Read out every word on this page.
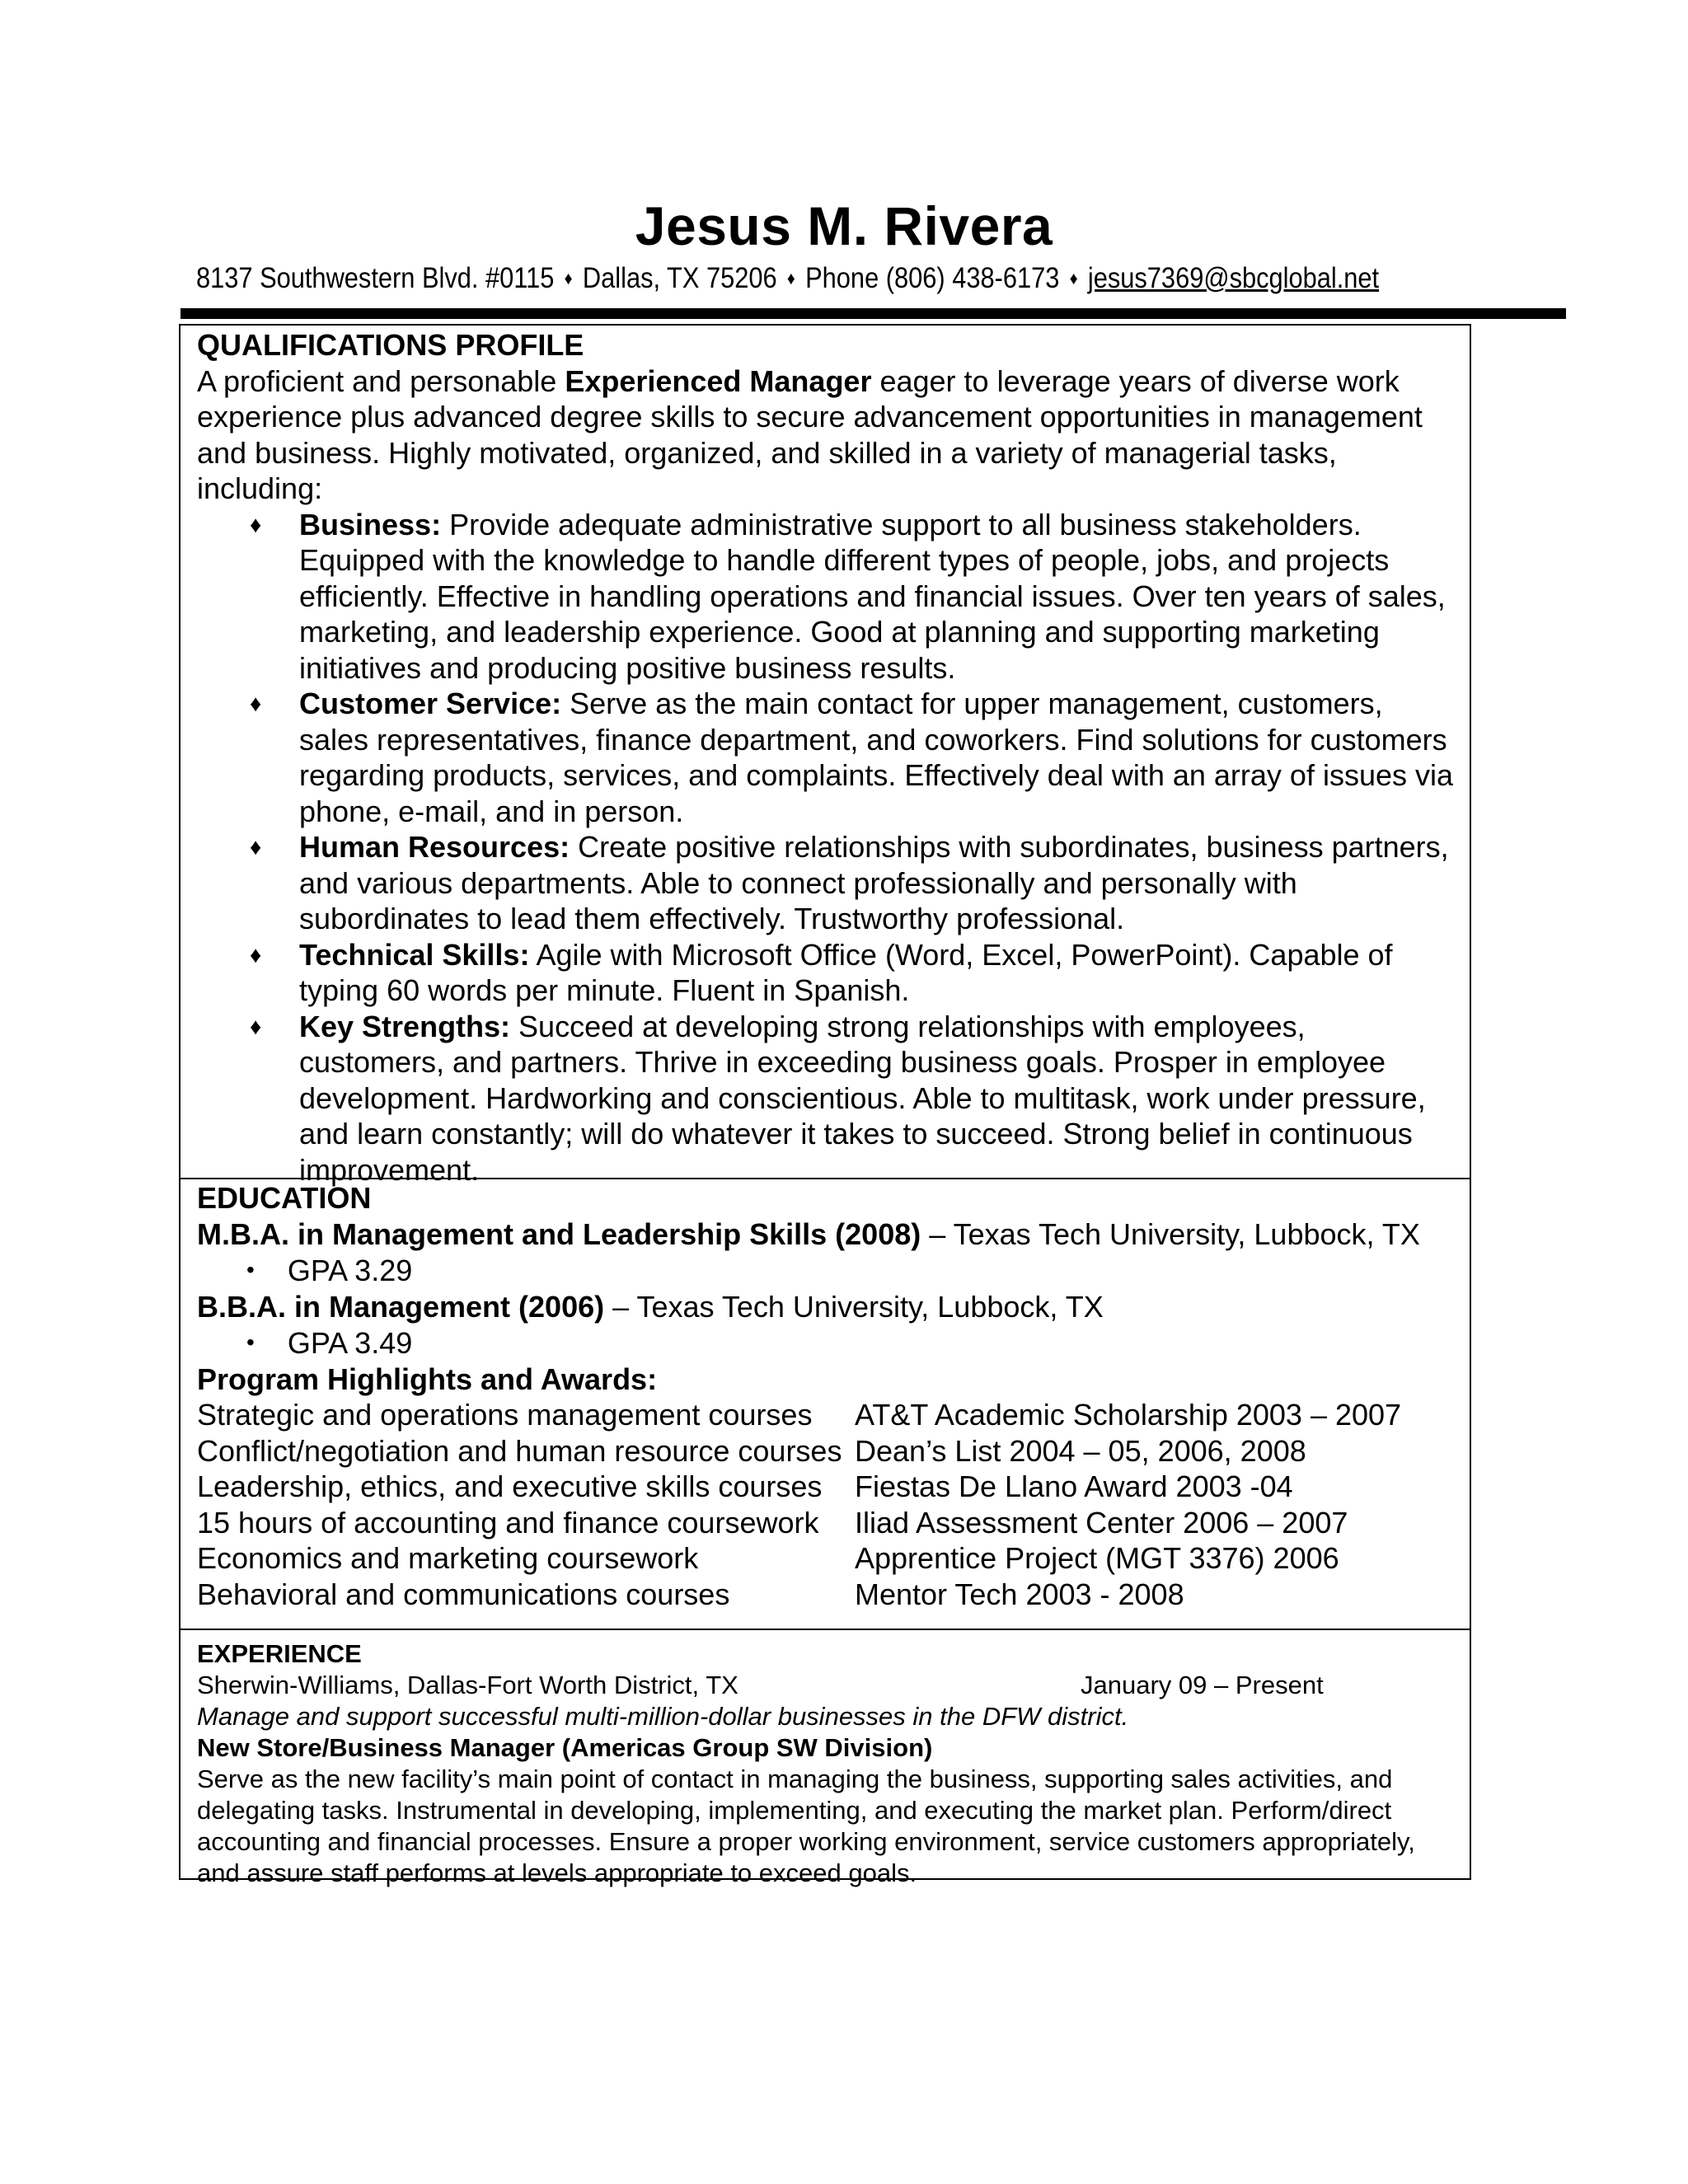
Jesus M. Rivera
8137 Southwestern Blvd. #0115 ♦ Dallas, TX 75206 ♦ Phone (806) 438-6173 ♦ jesus7369@sbcglobal.net
QUALIFICATIONS PROFILE
A proficient and personable Experienced Manager eager to leverage years of diverse work experience plus advanced degree skills to secure advancement opportunities in management and business. Highly motivated, organized, and skilled in a variety of managerial tasks, including:
♦ Business: Provide adequate administrative support to all business stakeholders. Equipped with the knowledge to handle different types of people, jobs, and projects efficiently. Effective in handling operations and financial issues. Over ten years of sales, marketing, and leadership experience. Good at planning and supporting marketing initiatives and producing positive business results.
♦ Customer Service: Serve as the main contact for upper management, customers, sales representatives, finance department, and coworkers. Find solutions for customers regarding products, services, and complaints. Effectively deal with an array of issues via phone, e-mail, and in person.
♦ Human Resources: Create positive relationships with subordinates, business partners, and various departments. Able to connect professionally and personally with subordinates to lead them effectively. Trustworthy professional.
♦ Technical Skills: Agile with Microsoft Office (Word, Excel, PowerPoint). Capable of typing 60 words per minute. Fluent in Spanish.
♦ Key Strengths: Succeed at developing strong relationships with employees, customers, and partners. Thrive in exceeding business goals. Prosper in employee development. Hardworking and conscientious. Able to multitask, work under pressure, and learn constantly; will do whatever it takes to succeed. Strong belief in continuous improvement.
EDUCATION
M.B.A. in Management and Leadership Skills (2008) – Texas Tech University, Lubbock, TX
• GPA 3.29
B.B.A. in Management (2006) – Texas Tech University, Lubbock, TX
• GPA 3.49
Program Highlights and Awards:
Strategic and operations management courses	AT&T Academic Scholarship 2003 – 2007
Conflict/negotiation and human resource courses Dean’s List 2004 – 05, 2006, 2008
Leadership, ethics, and executive skills courses	Fiestas De Llano Award 2003 -04
15 hours of accounting and finance coursework	Iliad Assessment Center 2006 – 2007
Economics and marketing coursework	Apprentice Project (MGT 3376) 2006
Behavioral and communications courses	Mentor Tech 2003 - 2008
EXPERIENCE
Sherwin-Williams, Dallas-Fort Worth District, TX	January 09 – Present
Manage and support successful multi-million-dollar businesses in the DFW district.
New Store/Business Manager (Americas Group SW Division)
Serve as the new facility’s main point of contact in managing the business, supporting sales activities, and delegating tasks. Instrumental in developing, implementing, and executing the market plan. Perform/direct accounting and financial processes. Ensure a proper working environment, service customers appropriately, and assure staff performs at levels appropriate to exceed goals.
